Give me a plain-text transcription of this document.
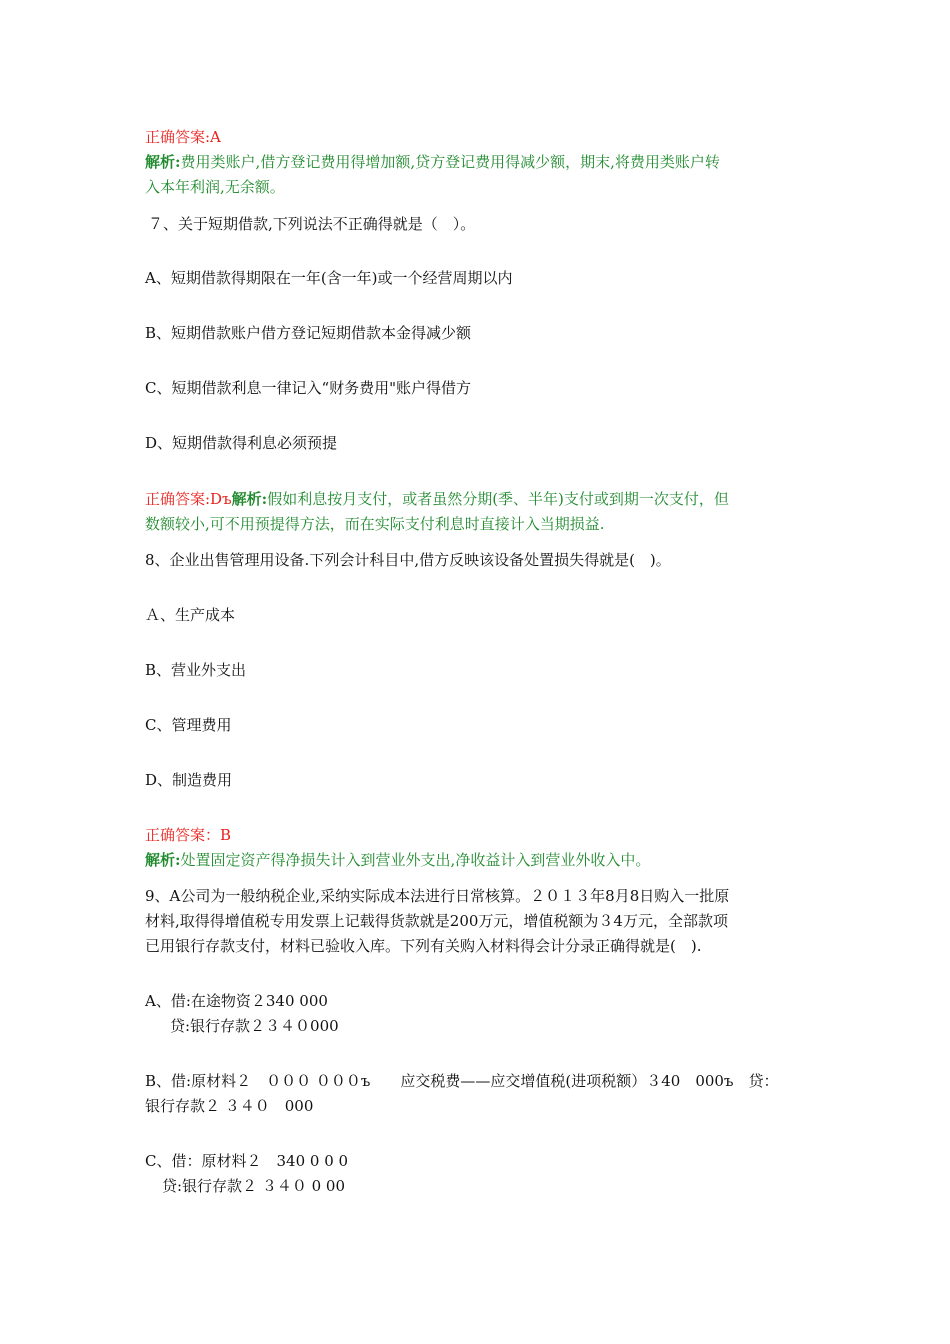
正确答案:A
解析:费用类账户,借方登记费用得增加额,贷方登记费用得减少额，期末,将费用类账户转
入本年利润,无余额。
７、关于短期借款,下列说法不正确得就是（　）。
A、短期借款得期限在一年(含一年)或一个经营周期以内
B、短期借款账户借方登记短期借款本金得减少额
C、短期借款利息一律记入“财务费用"账户得借方
D、短期借款得利息必须预提
正确答案:Dъ解析:假如利息按月支付，或者虽然分期(季、半年)支付或到期一次支付，但
数额较小,可不用预提得方法，而在实际支付利息时直接计入当期损益.
8、企业出售管理用设备.下列会计科目中,借方反映该设备处置损失得就是(　)。
Ａ、生产成本
B、营业外支出
C、管理费用
D、制造费用
正确答案：B
解析:处置固定资产得净损失计入到营业外支出,净收益计入到营业外收入中。
9、A公司为一般纳税企业,采纳实际成本法进行日常核算。２０１３年8月8日购入一批原
材料,取得得增值税专用发票上记载得货款就是200万元，增值税额为３4万元，全部款项
已用银行存款支付，材料已验收入库。下列有关购入材料得会计分录正确得就是(　).
A、借:在途物资２340 000
贷:银行存款２３４０000
B、借:原材料２　０００ ０００ъ　　应交税费——应交增值税(进项税额）３40　000ъ　贷：
银行存款２ ３４０　000
C、借：原材料２　340 0 0 0
贷:银行存款２ ３４０ 0 00
